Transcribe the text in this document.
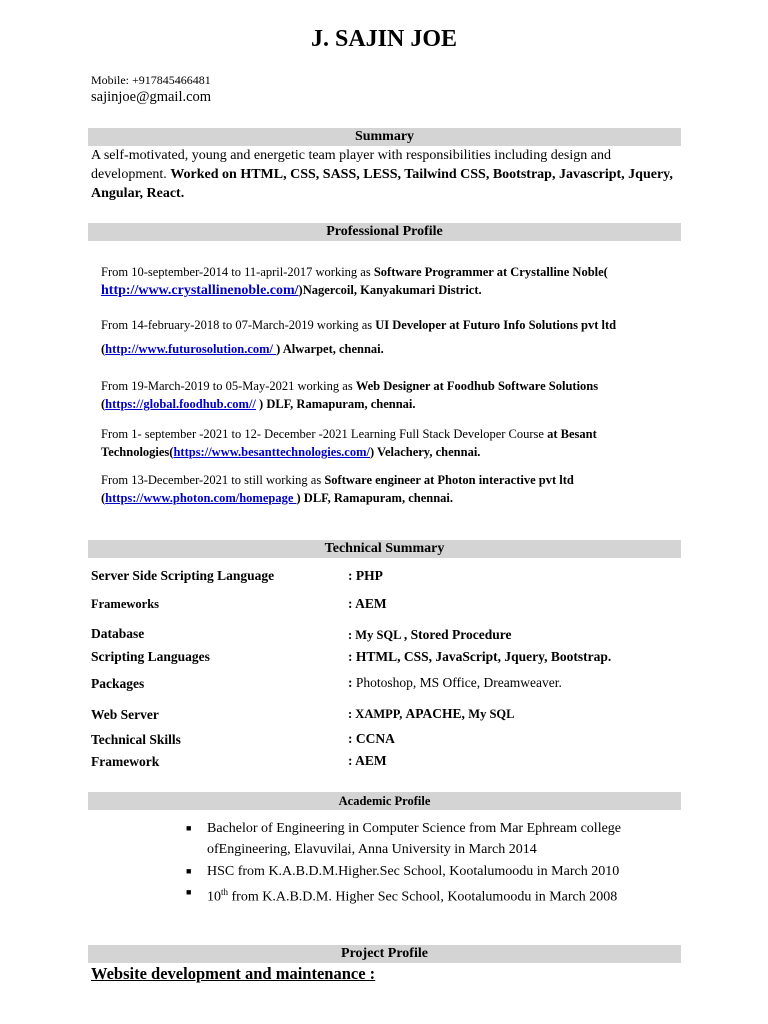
J. SAJIN JOE
Mobile: +917845466481
sajinjoe@gmail.com
Summary
A self-motivated, young and energetic team player with responsibilities including design and development. Worked on HTML, CSS, SASS, LESS, Tailwind CSS, Bootstrap, Javascript, Jquery, Angular, React.
Professional Profile
From 10-september-2014 to 11-april-2017 working as Software Programmer at Crystalline Noble(
http://www.crystallinenoble.com/)Nagercoil, Kanyakumari District.
From 14-february-2018 to 07-March-2019 working as UI Developer at Futuro Info Solutions pvt ltd
(http://www.futurosolution.com/ ) Alwarpet, chennai.
From 19-March-2019 to 05-May-2021 working as Web Designer at Foodhub Software Solutions
(https://global.foodhub.com// ) DLF, Ramapuram, chennai.
From 1- september -2021 to 12- December -2021 Learning Full Stack Developer Course at Besant Technologies(https://www.besanttechnologies.com/) Velachery, chennai.
From 13-December-2021 to still working as Software engineer at Photon interactive pvt ltd
(https://www.photon.com/homepage ) DLF, Ramapuram, chennai.
Technical Summary
Server Side Scripting Language	: PHP
Frameworks	: AEM
Database	: My SQL , Stored Procedure
Scripting Languages	: HTML, CSS, JavaScript, Jquery, Bootstrap.
Packages	: Photoshop, MS Office, Dreamweaver.
Web Server	: XAMPP, APACHE, My SQL
Technical Skills	: CCNA
Framework	: AEM
Academic Profile
■ Bachelor of Engineering in Computer Science from Mar Ephream college ofEngineering, Elavuvilai, Anna University in March 2014
■ HSC from K.A.B.D.M.Higher.Sec School, Kootalumoodu in March 2010
■ 10th from K.A.B.D.M. Higher Sec School, Kootalumoodu in March 2008
Project Profile
Website development and maintenance :
